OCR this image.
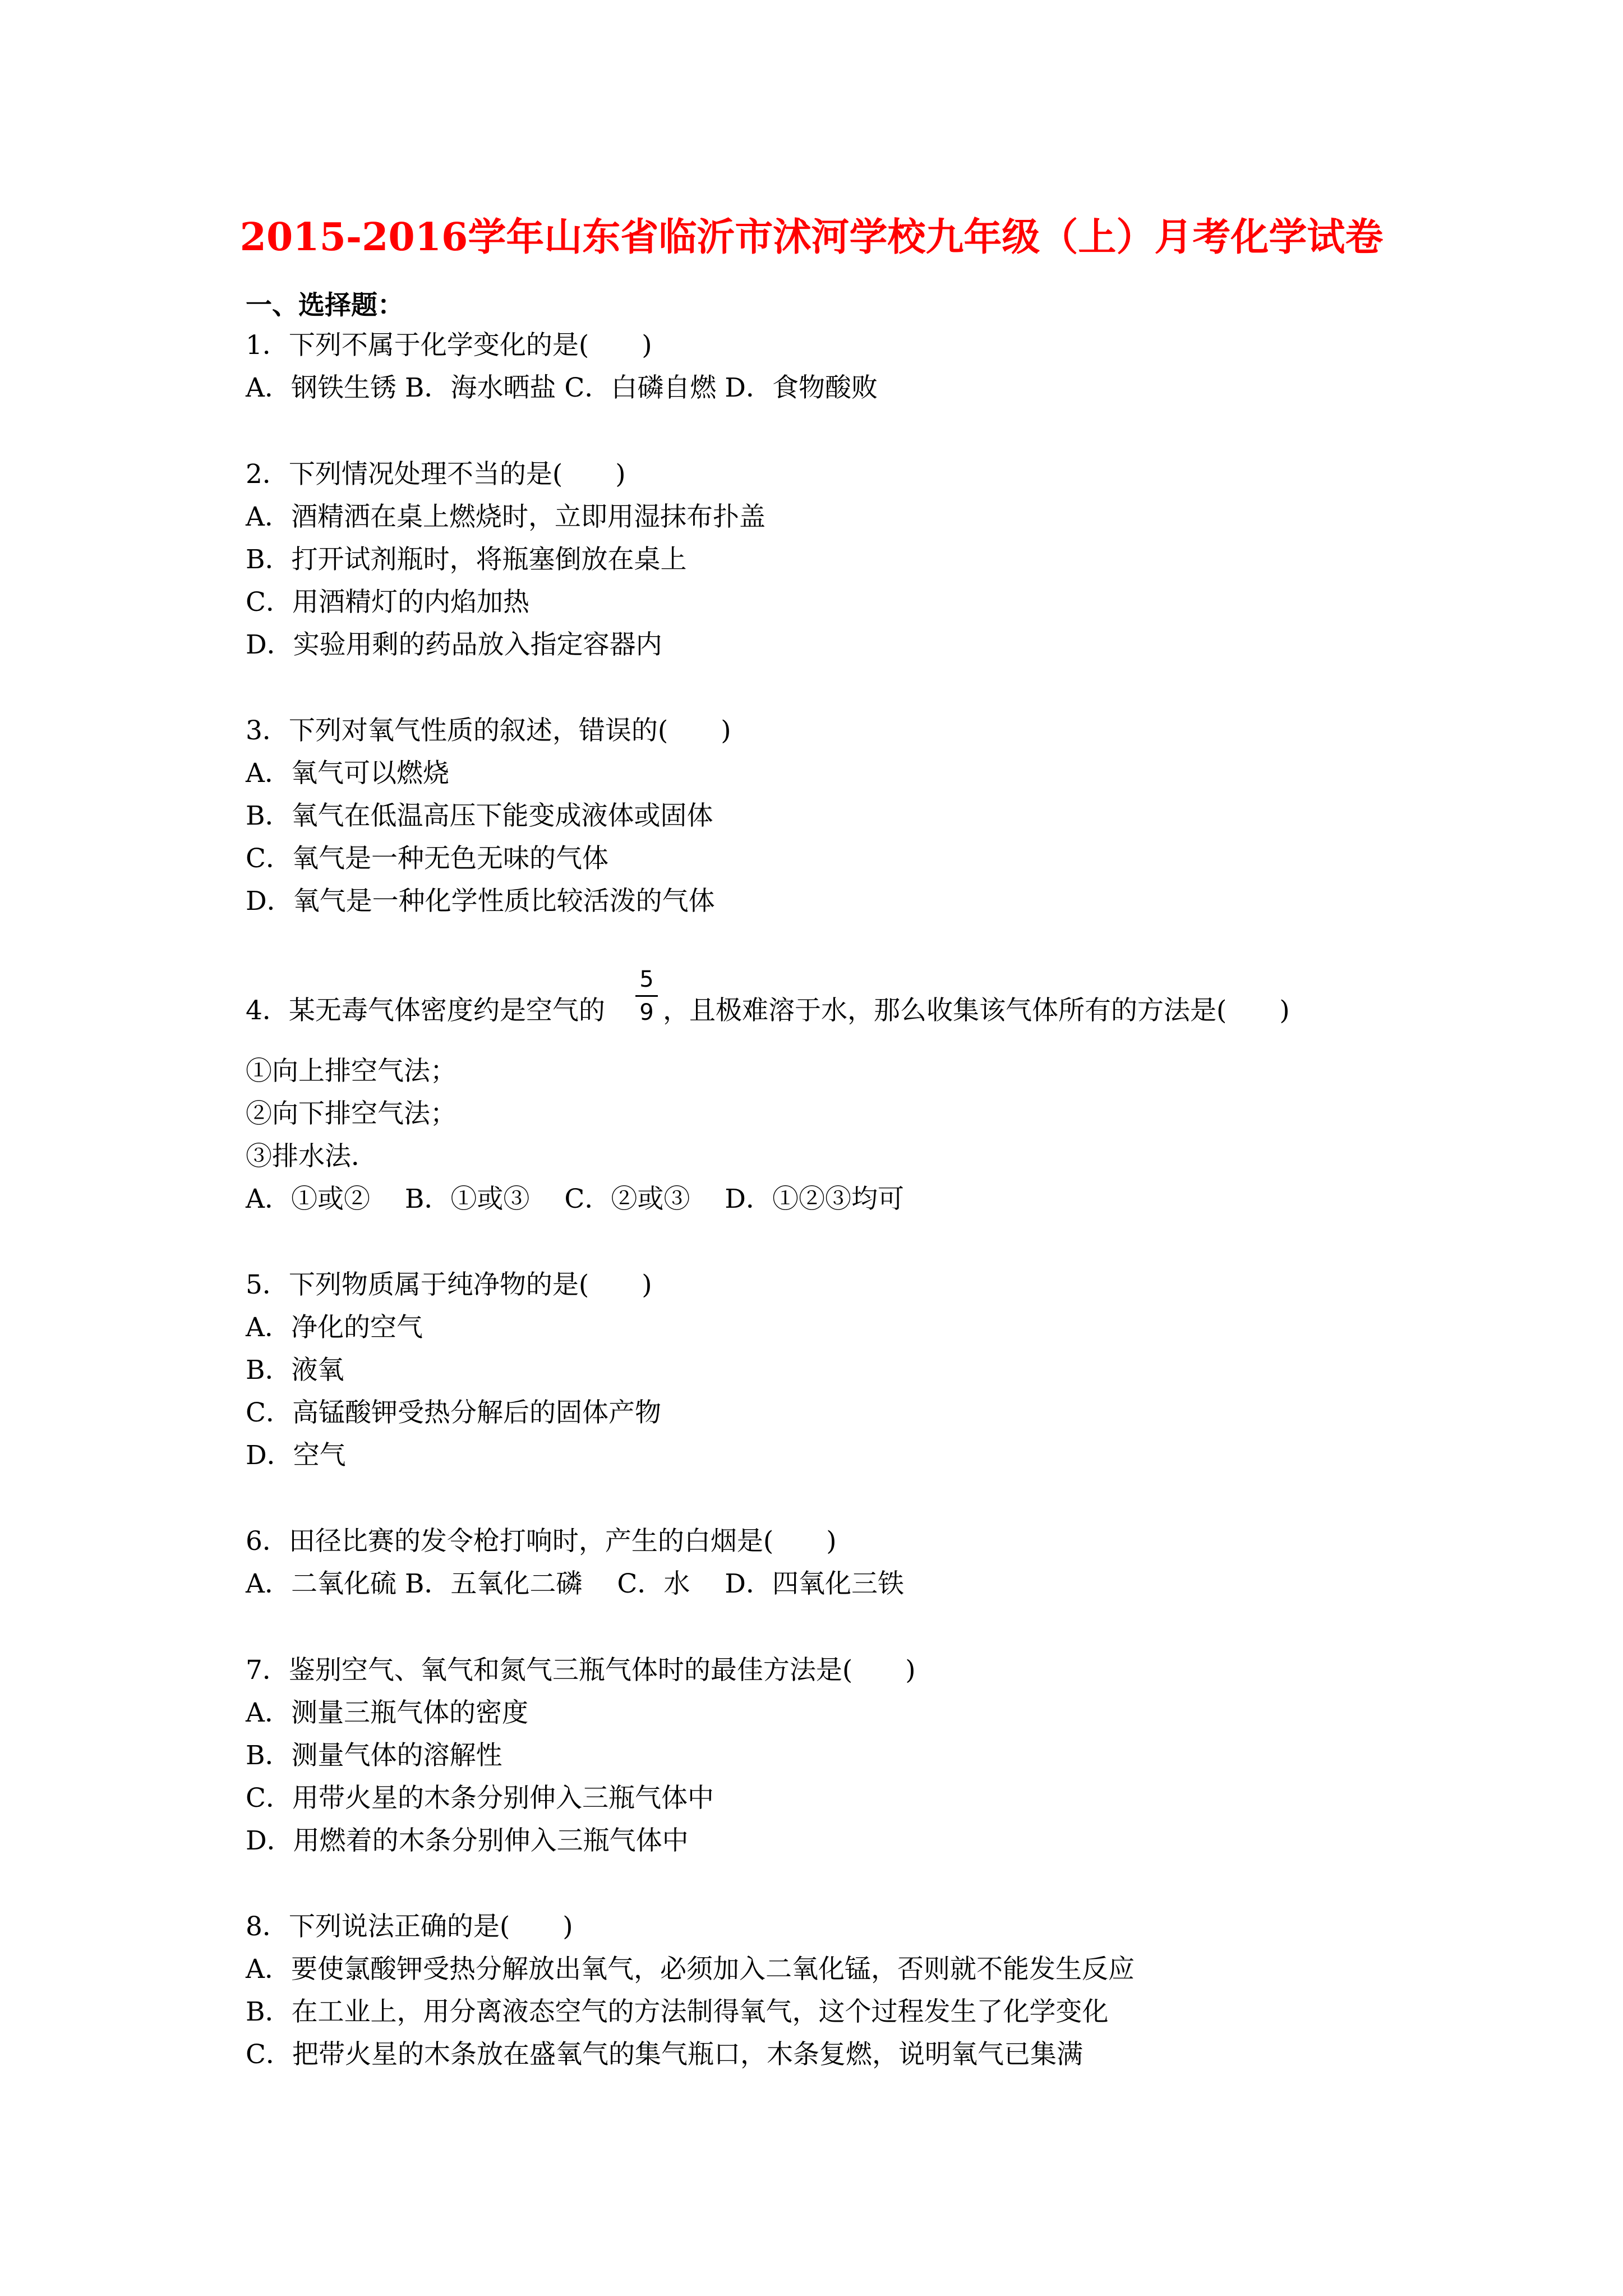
2015-2016学年山东省临沂市沭河学校九年级（上）月考化学试卷
一、选择题：
1．下列不属于化学变化的是(　　)
A．钢铁生锈 B．海水晒盐 C．白磷自燃 D．食物酸败
2．下列情况处理不当的是(　　)
A．酒精洒在桌上燃烧时，立即用湿抹布扑盖
B．打开试剂瓶时，将瓶塞倒放在桌上
C．用酒精灯的内焰加热
D．实验用剩的药品放入指定容器内
3．下列对氧气性质的叙述，错误的(　　)
A．氧气可以燃烧
B．氧气在低温高压下能变成液体或固体
C．氧气是一种无色无味的气体
D．氧气是一种化学性质比较活泼的气体
4．某无毒气体密度约是空气的
5
9 ，且极难溶于水，那么收集该气体所有的方法是(　　)
①向上排空气法；
②向下排空气法；
③排水法．
A．①或②　 B．①或③　 C．②或③　 D．①②③均可
5．下列物质属于纯净物的是(　　)
A．净化的空气
B．液氧
C．高锰酸钾受热分解后的固体产物
D．空气
6．田径比赛的发令枪打响时，产生的白烟是(　　)
A．二氧化硫 B．五氧化二磷　 C．水　 D．四氧化三铁
7．鉴别空气、氧气和氮气三瓶气体时的最佳方法是(　　)
A．测量三瓶气体的密度
B．测量气体的溶解性
C．用带火星的木条分别伸入三瓶气体中
D．用燃着的木条分别伸入三瓶气体中
8．下列说法正确的是(　　)
A．要使氯酸钾受热分解放出氧气，必须加入二氧化锰，否则就不能发生反应
B．在工业上，用分离液态空气的方法制得氧气，这个过程发生了化学变化
C．把带火星的木条放在盛氧气的集气瓶口，木条复燃，说明氧气已集满
